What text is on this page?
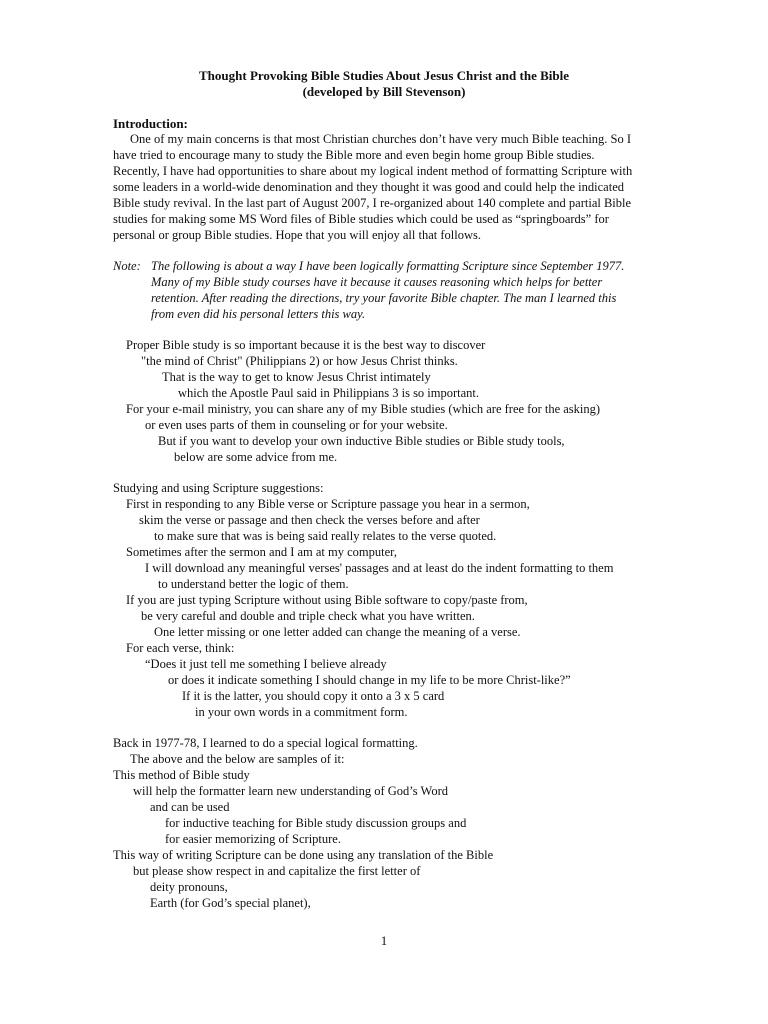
Thought Provoking Bible Studies About Jesus Christ and the Bible
(developed by Bill Stevenson)
Introduction:
One of my main concerns is that most Christian churches don’t have very much Bible teaching. So I
have tried to encourage many to study the Bible more and even begin home group Bible studies.
Recently, I have had opportunities to share about my logical indent method of formatting Scripture with
some leaders in a world-wide denomination and they thought it was good and could help the indicated
Bible study revival. In the last part of August 2007, I re-organized about 140 complete and partial Bible
studies for making some MS Word files of Bible studies which could be used as “springboards” for
personal or group Bible studies. Hope that you will enjoy all that follows.
Note: The following is about a way I have been logically formatting Scripture since September 1977.
Many of my Bible study courses have it because it causes reasoning which helps for better
retention. After reading the directions, try your favorite Bible chapter. The man I learned this
from even did his personal letters this way.
Proper Bible study is so important because it is the best way to discover
"the mind of Christ" (Philippians 2) or how Jesus Christ thinks.
That is the way to get to know Jesus Christ intimately
which the Apostle Paul said in Philippians 3 is so important.
For your e-mail ministry, you can share any of my Bible studies (which are free for the asking)
or even uses parts of them in counseling or for your website.
But if you want to develop your own inductive Bible studies or Bible study tools,
below are some advice from me.
Studying and using Scripture suggestions:
First in responding to any Bible verse or Scripture passage you hear in a sermon,
skim the verse or passage and then check the verses before and after
to make sure that was is being said really relates to the verse quoted.
Sometimes after the sermon and I am at my computer,
I will download any meaningful verses' passages and at least do the indent formatting to them
to understand better the logic of them.
If you are just typing Scripture without using Bible software to copy/paste from,
be very careful and double and triple check what you have written.
One letter missing or one letter added can change the meaning of a verse.
For each verse, think:
“Does it just tell me something I believe already
or does it indicate something I should change in my life to be more Christ-like?”
If it is the latter, you should copy it onto a 3 x 5 card
in your own words in a commitment form.
Back in 1977-78, I learned to do a special logical formatting.
The above and the below are samples of it:
This method of Bible study
will help the formatter learn new understanding of God’s Word
and can be used
for inductive teaching for Bible study discussion groups and
for easier memorizing of Scripture.
This way of writing Scripture can be done using any translation of the Bible
but please show respect in and capitalize the first letter of
deity pronouns,
Earth (for God’s special planet),
1
